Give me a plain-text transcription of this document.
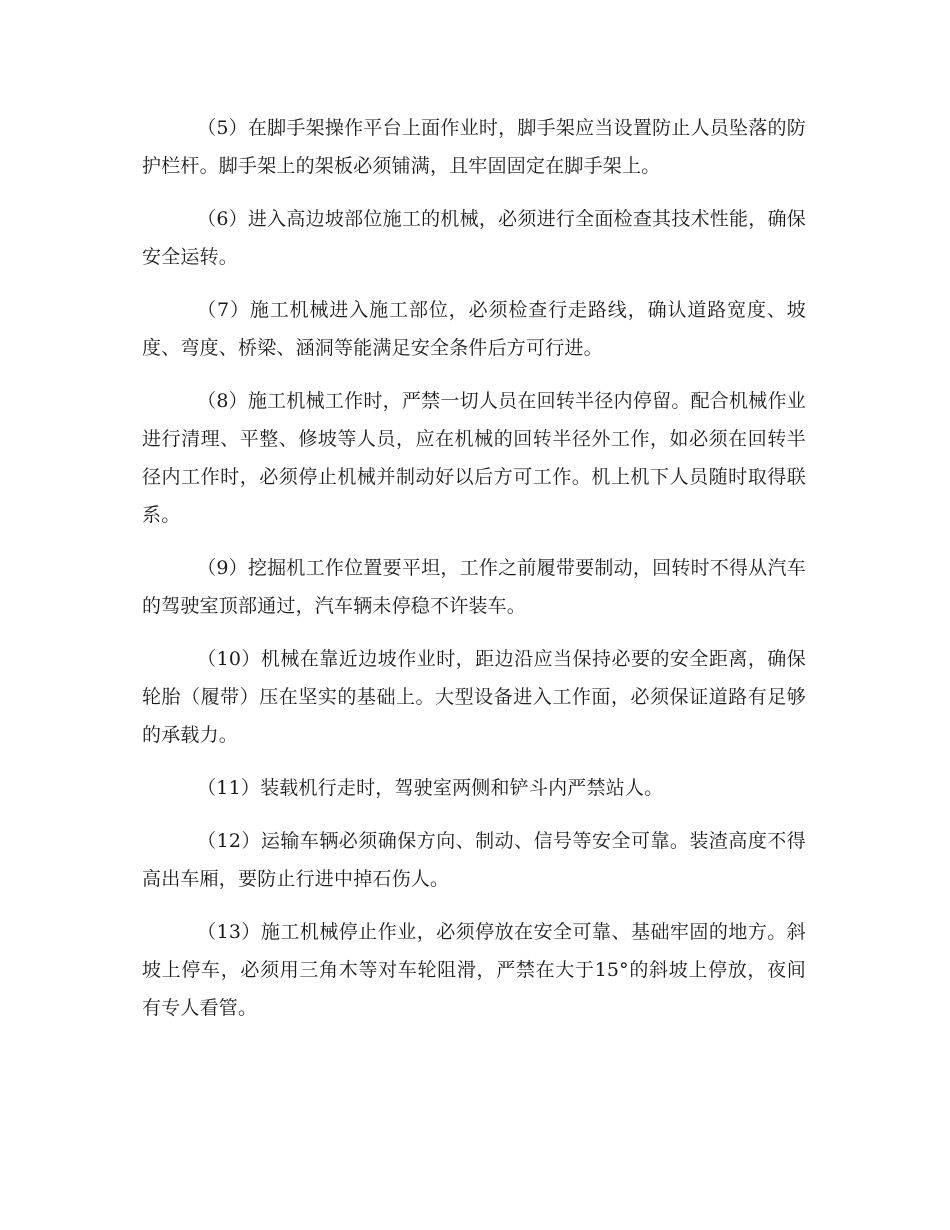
（5）在脚手架操作平台上面作业时，脚手架应当设置防止人员坠落的防护栏杆。脚手架上的架板必须铺满，且牢固固定在脚手架上。

（6）进入高边坡部位施工的机械，必须进行全面检查其技术性能，确保安全运转。

（7）施工机械进入施工部位，必须检查行走路线，确认道路宽度、坡度、弯度、桥梁、涵洞等能满足安全条件后方可行进。

（8）施工机械工作时，严禁一切人员在回转半径内停留。配合机械作业进行清理、平整、修坡等人员，应在机械的回转半径外工作，如必须在回转半径内工作时，必须停止机械并制动好以后方可工作。机上机下人员随时取得联系。

（9）挖掘机工作位置要平坦，工作之前履带要制动，回转时不得从汽车的驾驶室顶部通过，汽车辆未停稳不许装车。

（10）机械在靠近边坡作业时，距边沿应当保持必要的安全距离，确保轮胎（履带）压在坚实的基础上。大型设备进入工作面，必须保证道路有足够的承载力。

（11）装载机行走时，驾驶室两侧和铲斗内严禁站人。

（12）运输车辆必须确保方向、制动、信号等安全可靠。装渣高度不得高出车厢，要防止行进中掉石伤人。

（13）施工机械停止作业，必须停放在安全可靠、基础牢固的地方。斜坡上停车，必须用三角木等对车轮阻滑，严禁在大于15°的斜坡上停放，夜间有专人看管。
